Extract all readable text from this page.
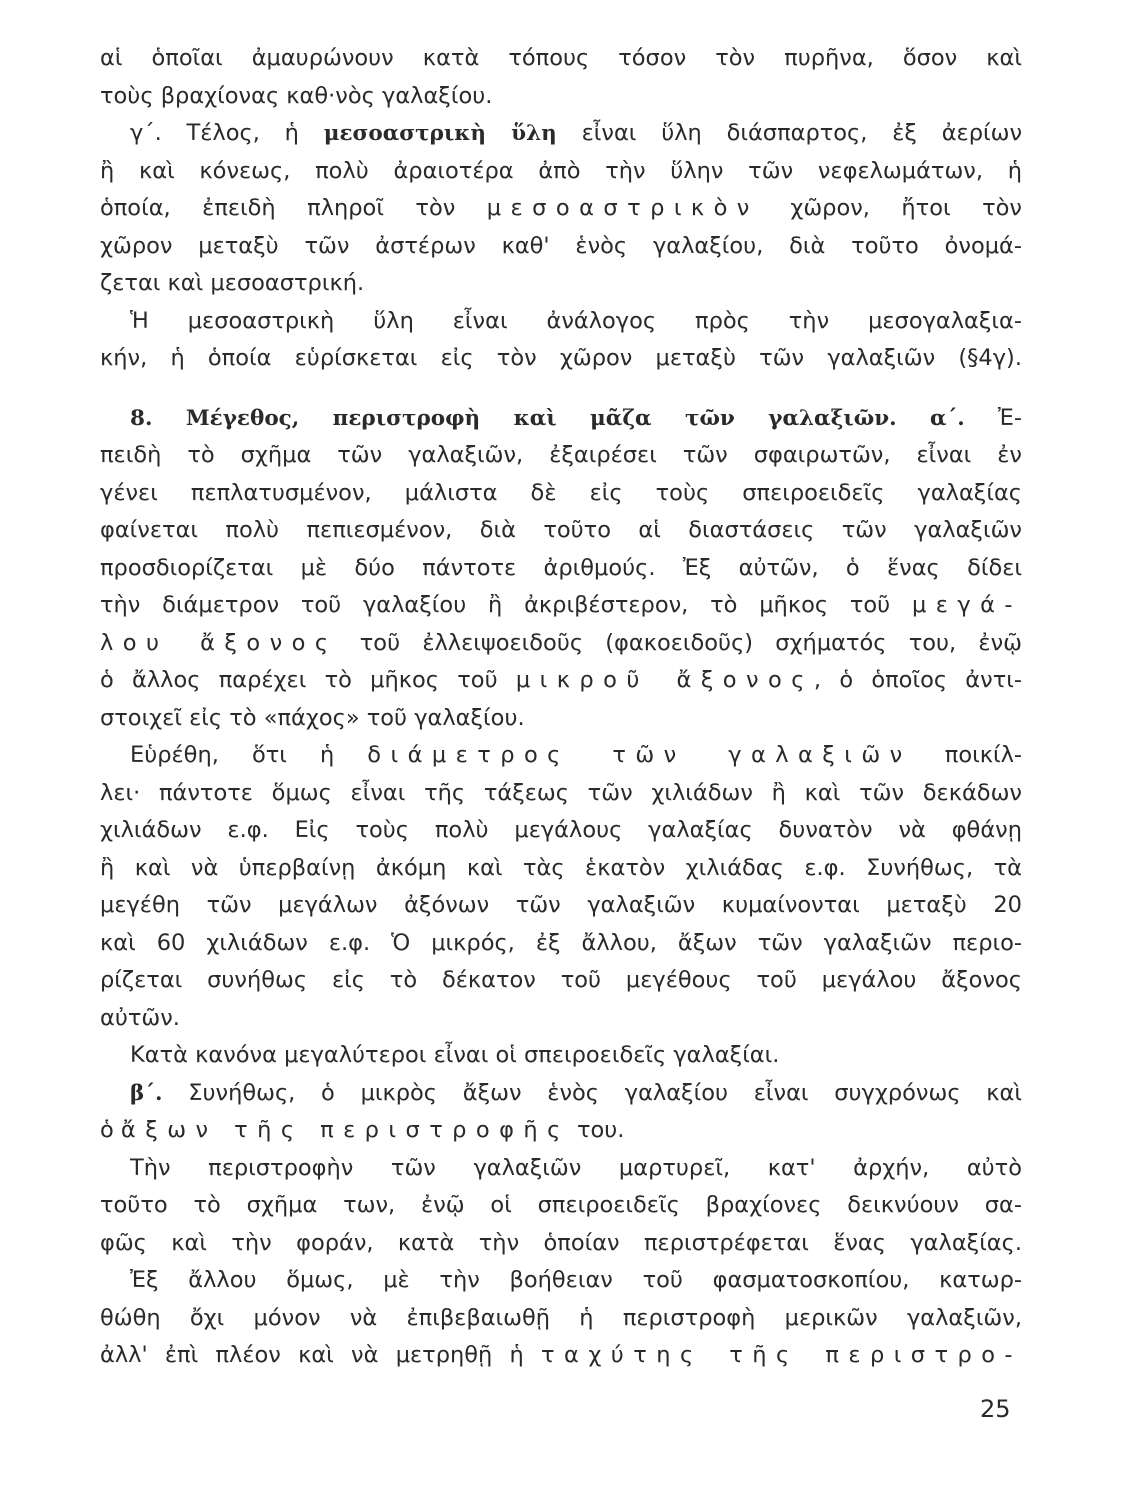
αἱ ὁποῖαι ἀμαυρώνουν κατὰ τόπους τόσον τὸν πυρῆνα, ὅσον καὶ
τοὺς βραχίονας καθ·νὸς γαλαξίου.
γ΄. Τέλος, ἡ μεσοαστρικὴ ὕλη εἶναι ὕλη διάσπαρτος, ἐξ ἀερίων
ἢ καὶ κόνεως, πολὺ ἀραιοτέρα ἀπὸ τὴν ὕλην τῶν νεφελωμάτων, ἡ
ὁποία, ἐπειδὴ πληροῖ τὸν μεσοαστρικὸν χῶρον, ἤτοι τὸν
χῶρον μεταξὺ τῶν ἀστέρων καθ' ἑνὸς γαλαξίου, διὰ τοῦτο ὀνομά-
ζεται καὶ μεσοαστρική.
Ἡ μεσοαστρικὴ ὕλη εἶναι ἀνάλογος πρὸς τὴν μεσογαλαξια-
κήν, ἡ ὁποία εὑρίσκεται εἰς τὸν χῶρον μεταξὺ τῶν γαλαξιῶν (§4γ).
8. Μέγεθος, περιστροφὴ καὶ μᾶζα τῶν γαλαξιῶν. α΄. Ἐ-
πειδὴ τὸ σχῆμα τῶν γαλαξιῶν, ἐξαιρέσει τῶν σφαιρωτῶν, εἶναι ἐν
γένει πεπλατυσμένον, μάλιστα δὲ εἰς τοὺς σπειροειδεῖς γαλαξίας
φαίνεται πολὺ πεπιεσμένον, διὰ τοῦτο αἱ διαστάσεις τῶν γαλαξιῶν
προσδιορίζεται μὲ δύο πάντοτε ἀριθμούς. Ἐξ αὐτῶν, ὁ ἕνας δίδει
τὴν διάμετρον τοῦ γαλαξίου ἢ ἀκριβέστερον, τὸ μῆκος τοῦ μεγά-
λου ἄξονος τοῦ ἐλλειψοειδοῦς (φακοειδοῦς) σχήματός του, ἐνῷ
ὁ ἄλλος παρέχει τὸ μῆκος τοῦ μικροῦ ἄξονος, ὁ ὁποῖος ἀντι-
στοιχεῖ εἰς τὸ «πάχος» τοῦ γαλαξίου.
Εὑρέθη, ὅτι ἡ διάμετρος τῶν γαλαξιῶν ποικίλ-
λει· πάντοτε ὅμως εἶναι τῆς τάξεως τῶν χιλιάδων ἢ καὶ τῶν δεκάδων
χιλιάδων ε.φ. Εἰς τοὺς πολὺ μεγάλους γαλαξίας δυνατὸν νὰ φθάνῃ
ἢ καὶ νὰ ὑπερβαίνῃ ἀκόμη καὶ τὰς ἑκατὸν χιλιάδας ε.φ. Συνήθως, τὰ
μεγέθη τῶν μεγάλων ἀξόνων τῶν γαλαξιῶν κυμαίνονται μεταξὺ 20
καὶ 60 χιλιάδων ε.φ. Ὁ μικρός, ἐξ ἄλλου, ἄξων τῶν γαλαξιῶν περιο-
ρίζεται συνήθως εἰς τὸ δέκατον τοῦ μεγέθους τοῦ μεγάλου ἄξονος
αὐτῶν.
Κατὰ κανόνα μεγαλύτεροι εἶναι οἱ σπειροειδεῖς γαλαξίαι.
β΄. Συνήθως, ὁ μικρὸς ἄξων ἑνὸς γαλαξίου εἶναι συγχρόνως καὶ
ὁ ἄξων τῆς περιστροφῆς του.
Τὴν περιστροφὴν τῶν γαλαξιῶν μαρτυρεῖ, κατ' ἀρχήν, αὐτὸ
τοῦτο τὸ σχῆμα των, ἐνῷ οἱ σπειροειδεῖς βραχίονες δεικνύουν σα-
φῶς καὶ τὴν φοράν, κατὰ τὴν ὁποίαν περιστρέφεται ἕνας γαλαξίας.
Ἐξ ἄλλου ὅμως, μὲ τὴν βοήθειαν τοῦ φασματοσκοπίου, κατωρ-
θώθη ὄχι μόνον νὰ ἐπιβεβαιωθῇ ἡ περιστροφὴ μερικῶν γαλαξιῶν,
ἀλλ' ἐπὶ πλέον καὶ νὰ μετρηθῇ ἡ ταχύτης τῆς περιστρο-
25
